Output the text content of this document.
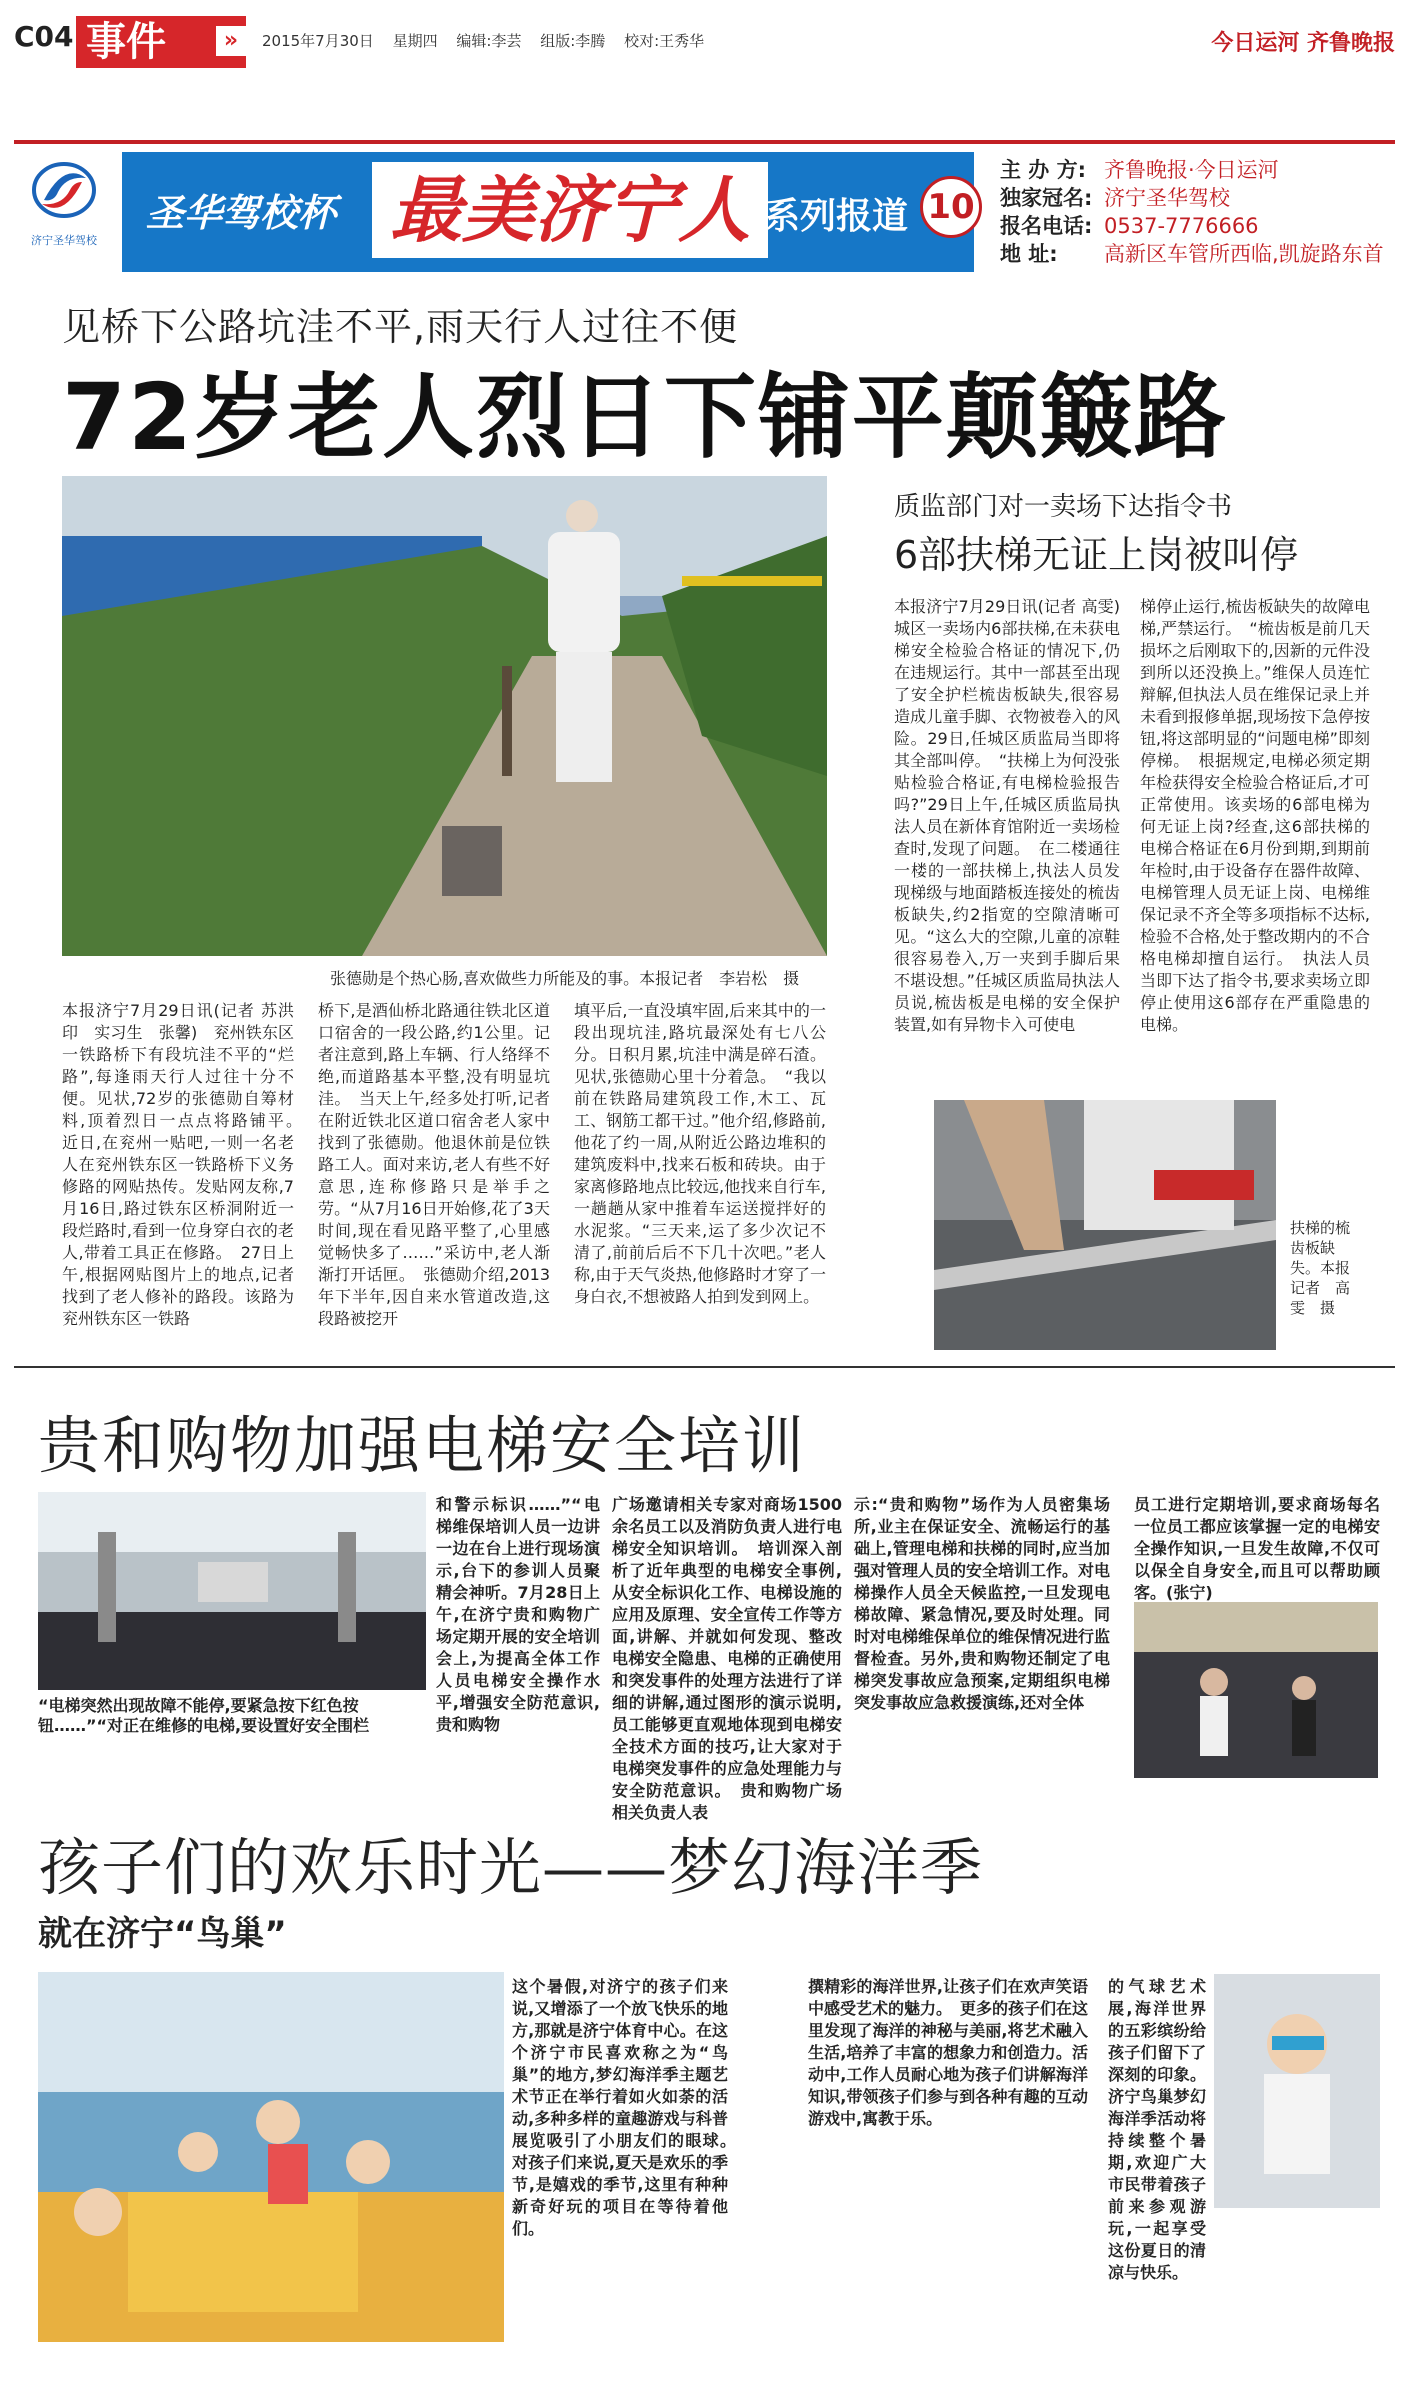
C04 事件	»	2015年7月30日 星期四 编辑:李芸 组版:李腾 校对:王秀华	今日运河 齐鲁晚报
济宁圣华驾校
圣华驾校杯 最美济宁人 系列报道 10
主 办 方: 齐鲁晚报·今日运河
独家冠名: 济宁圣华驾校
报名电话: 0537-7776666
地 址: 高新区车管所西临,凯旋路东首
见桥下公路坑洼不平,雨天行人过往不便
72岁老人烈日下铺平颠簸路
张德勋是个热心肠,喜欢做些力所能及的事。本报记者　李岩松　摄
本报济宁7月29日讯(记者 苏洪印　实习生　张馨)　兖州铁东区一铁路桥下有段坑洼不平的“烂路”,每逢雨天行人过往十分不便。见状,72岁的张德勋自筹材料,顶着烈日一点点将路铺平。　近日,在兖州一贴吧,一则一名老人在兖州铁东区一铁路桥下义务修路的网贴热传。发贴网友称,7月16日,路过铁东区桥洞附近一段烂路时,看到一位身穿白衣的老人,带着工具正在修路。　27日上午,根据网贴图片上的地点,记者找到了老人修补的路段。该路为兖州铁东区一铁路
桥下,是酒仙桥北路通往铁北区道口宿舍的一段公路,约1公里。记者注意到,路上车辆、行人络绎不绝,而道路基本平整,没有明显坑洼。　当天上午,经多处打听,记者在附近铁北区道口宿舍老人家中找到了张德勋。他退休前是位铁路工人。面对来访,老人有些不好意思,连称修路只是举手之劳。“从7月16日开始修,花了3天时间,现在看见路平整了,心里感觉畅快多了……”采访中,老人渐渐打开话匣。　张德勋介绍,2013年下半年,因自来水管道改造,这段路被挖开
填平后,一直没填牢固,后来其中的一段出现坑洼,路坑最深处有七八公分。日积月累,坑洼中满是碎石渣。见状,张德勋心里十分着急。　“我以前在铁路局建筑段工作,木工、瓦工、钢筋工都干过。”他介绍,修路前,他花了约一周,从附近公路边堆积的建筑废料中,找来石板和砖块。由于家离修路地点比较远,他找来自行车,一趟趟从家中推着车运送搅拌好的水泥浆。“三天来,运了多少次记不清了,前前后后不下几十次吧。”老人称,由于天气炎热,他修路时才穿了一身白衣,不想被路人拍到发到网上。
质监部门对一卖场下达指令书
6部扶梯无证上岗被叫停
本报济宁7月29日讯(记者 高雯)　城区一卖场内6部扶梯,在未获电梯安全检验合格证的情况下,仍在违规运行。其中一部甚至出现了安全护栏梳齿板缺失,很容易造成儿童手脚、衣物被卷入的风险。29日,任城区质监局当即将其全部叫停。　“扶梯上为何没张贴检验合格证,有电梯检验报告吗?”29日上午,任城区质监局执法人员在新体育馆附近一卖场检查时,发现了问题。　在二楼通往一楼的一部扶梯上,执法人员发现梯级与地面踏板连接处的梳齿板缺失,约2指宽的空隙清晰可见。“这么大的空隙,儿童的凉鞋很容易卷入,万一夹到手脚后果不堪设想。”任城区质监局执法人员说,梳齿板是电梯的安全保护装置,如有异物卡入可使电
梯停止运行,梳齿板缺失的故障电梯,严禁运行。　“梳齿板是前几天损坏之后刚取下的,因新的元件没到所以还没换上。”维保人员连忙辩解,但执法人员在维保记录上并未看到报修单据,现场按下急停按钮,将这部明显的“问题电梯”即刻停梯。　根据规定,电梯必须定期年检获得安全检验合格证后,才可正常使用。该卖场的6部电梯为何无证上岗?经查,这6部扶梯的电梯合格证在6月份到期,到期前年检时,由于设备存在器件故障、电梯管理人员无证上岗、电梯维保记录不齐全等多项指标不达标,检验不合格,处于整改期内的不合格电梯却擅自运行。　执法人员当即下达了指令书,要求卖场立即停止使用这6部存在严重隐患的电梯。
扶梯的梳齿板缺失。本报记者　高雯　摄
贵和购物加强电梯安全培训
“电梯突然出现故障不能停,要紧急按下红色按钮……”“对正在维修的电梯,要设置好安全围栏
和警示标识……”“电梯维保培训人员一边讲一边在台上进行现场演示,台下的参训人员聚精会神听。7月28日上午,在济宁贵和购物广场定期开展的安全培训会上,为提高全体工作人员电梯安全操作水平,增强安全防范意识,贵和购物
广场邀请相关专家对商场1500余名员工以及消防负责人进行电梯安全知识培训。　培训深入剖析了近年典型的电梯安全事例,从安全标识化工作、电梯设施的应用及原理、安全宣传工作等方面,讲解、并就如何发现、整改电梯安全隐患、电梯的正确使用和突发事件的处理方法进行了详细的讲解,通过图形的演示说明,员工能够更直观地体现到电梯安全技术方面的技巧,让大家对于电梯突发事件的应急处理能力与安全防范意识。　贵和购物广场相关负责人表
示:“贵和购物”场作为人员密集场所,业主在保证安全、流畅运行的基础上,管理电梯和扶梯的同时,应当加强对管理人员的安全培训工作。对电梯操作人员全天候监控,一旦发现电梯故障、紧急情况,要及时处理。同时对电梯维保单位的维保情况进行监督检查。另外,贵和购物还制定了电梯突发事故应急预案,定期组织电梯突发事故应急救援演练,还对全体
员工进行定期培训,要求商场每名一位员工都应该掌握一定的电梯安全操作知识,一旦发生故障,不仅可以保全自身安全,而且可以帮助顾客。(张宁)
孩子们的欢乐时光——梦幻海洋季
就在济宁“鸟巢”
这个暑假,对济宁的孩子们来说,又增添了一个放飞快乐的地方,那就是济宁体育中心。在这个济宁市民喜欢称之为“鸟巢”的地方,梦幻海洋季主题艺术节正在举行着如火如荼的活动,多种多样的童趣游戏与科普展览吸引了小朋友们的眼球。　对孩子们来说,夏天是欢乐的季节,是嬉戏的季节,这里有种种新奇好玩的项目在等待着他们。
撰精彩的海洋世界,让孩子们在欢声笑语中感受艺术的魅力。　更多的孩子们在这里发现了海洋的神秘与美丽,将艺术融入生活,培养了丰富的想象力和创造力。活动中,工作人员耐心地为孩子们讲解海洋知识,带领孩子们参与到各种有趣的互动游戏中,寓教于乐。
的气球艺术展,海洋世界的五彩缤纷给孩子们留下了深刻的印象。济宁鸟巢梦幻海洋季活动将持续整个暑期,欢迎广大市民带着孩子前来参观游玩,一起享受这份夏日的清凉与快乐。
